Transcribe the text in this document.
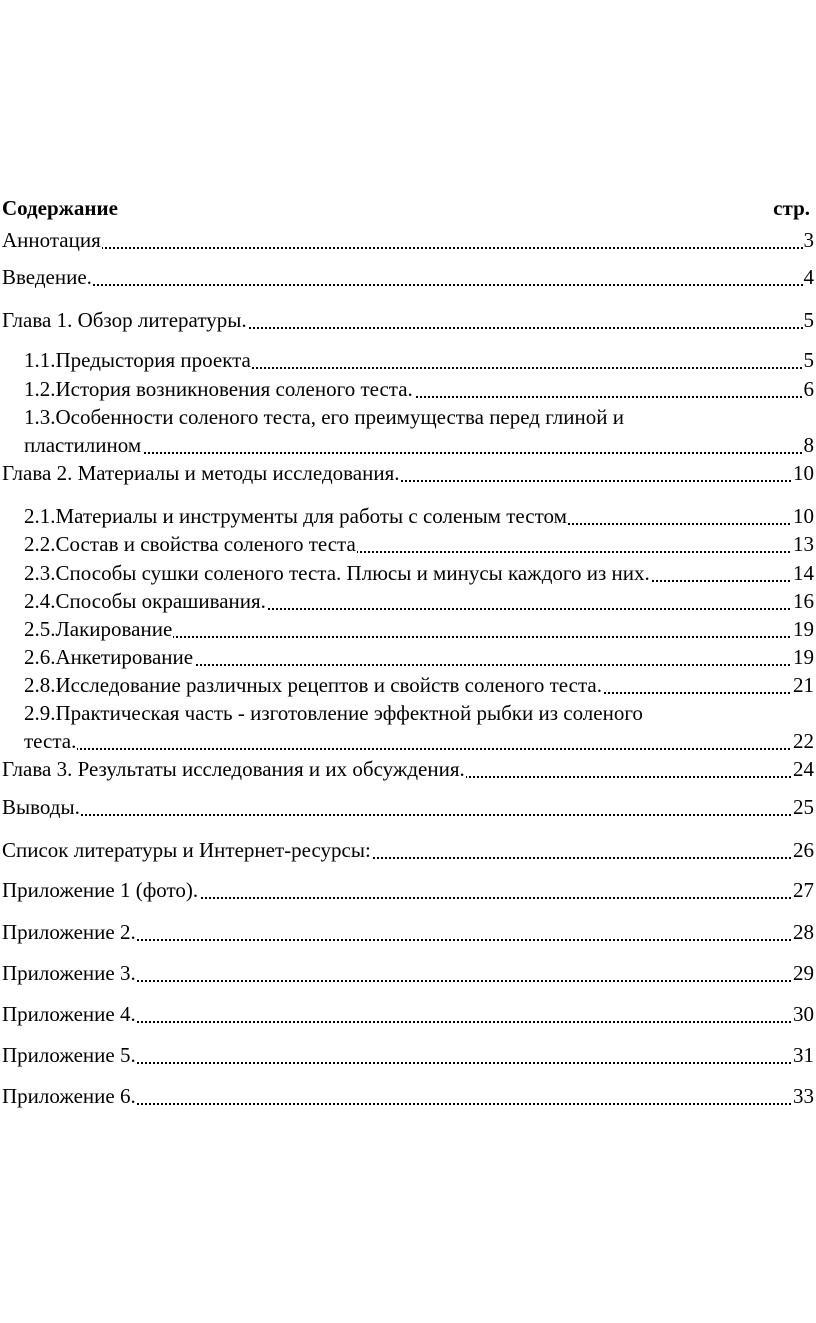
Содержание	стр.
Аннотация	3
Введение.	4
Глава 1. Обзор литературы.	5
1.1.Предыстория проекта	5
1.2.История возникновения соленого теста.	6
1.3.Особенности соленого теста, его преимущества перед глиной и
пластилином	8
Глава 2. Материалы и методы исследования.	10
2.1.Материалы и инструменты для работы с соленым тестом	10
2.2.Состав и свойства соленого теста	13
2.3.Способы сушки соленого теста. Плюсы и минусы каждого из них.	14
2.4.Способы окрашивания.	16
2.5.Лакирование	19
2.6.Анкетирование	19
2.8.Исследование различных рецептов и свойств соленого теста.	21
2.9.Практическая часть - изготовление эффектной рыбки из соленого
теста.	22
Глава 3. Результаты исследования и их обсуждения.	24
Выводы.	25
Список литературы и Интернет-ресурсы:	26
Приложение 1 (фото).	27
Приложение 2.	28
Приложение 3.	29
Приложение 4.	30
Приложение 5.	31
Приложение 6.	33
